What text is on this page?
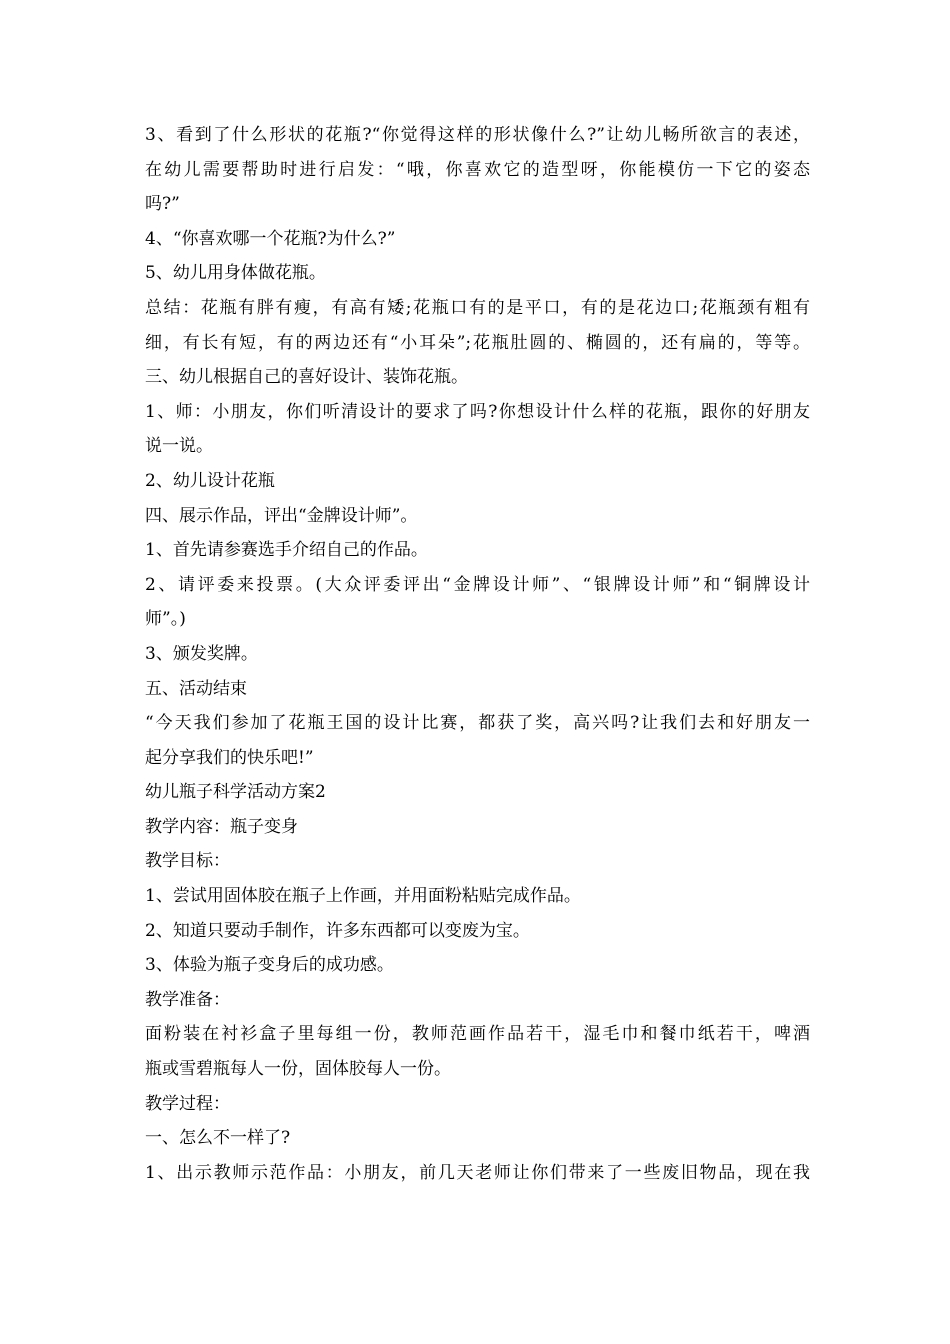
3、看到了什么形状的花瓶?“你觉得这样的形状像什么?”让幼儿畅所欲言的表述，
在幼儿需要帮助时进行启发：“哦，你喜欢它的造型呀，你能模仿一下它的姿态
吗?”
4、“你喜欢哪一个花瓶?为什么?”
5、幼儿用身体做花瓶。
总结：花瓶有胖有瘦，有高有矮;花瓶口有的是平口，有的是花边口;花瓶颈有粗有
细，有长有短，有的两边还有“小耳朵”;花瓶肚圆的、椭圆的，还有扁的，等等。
三、幼儿根据自己的喜好设计、装饰花瓶。
1、师：小朋友，你们听清设计的要求了吗?你想设计什么样的花瓶，跟你的好朋友
说一说。
2、幼儿设计花瓶
四、展示作品，评出“金牌设计师”。
1、首先请参赛选手介绍自己的作品。
2、请评委来投票。(大众评委评出“金牌设计师”、“银牌设计师”和“铜牌设计
师”。)
3、颁发奖牌。
五、活动结束
“今天我们参加了花瓶王国的设计比赛，都获了奖，高兴吗?让我们去和好朋友一
起分享我们的快乐吧!”
幼儿瓶子科学活动方案2
教学内容：瓶子变身
教学目标：
1、尝试用固体胶在瓶子上作画，并用面粉粘贴完成作品。
2、知道只要动手制作，许多东西都可以变废为宝。
3、体验为瓶子变身后的成功感。
教学准备：
面粉装在衬衫盒子里每组一份，教师范画作品若干，湿毛巾和餐巾纸若干，啤酒
瓶或雪碧瓶每人一份，固体胶每人一份。
教学过程：
一、怎么不一样了?
1、出示教师示范作品：小朋友，前几天老师让你们带来了一些废旧物品，现在我
